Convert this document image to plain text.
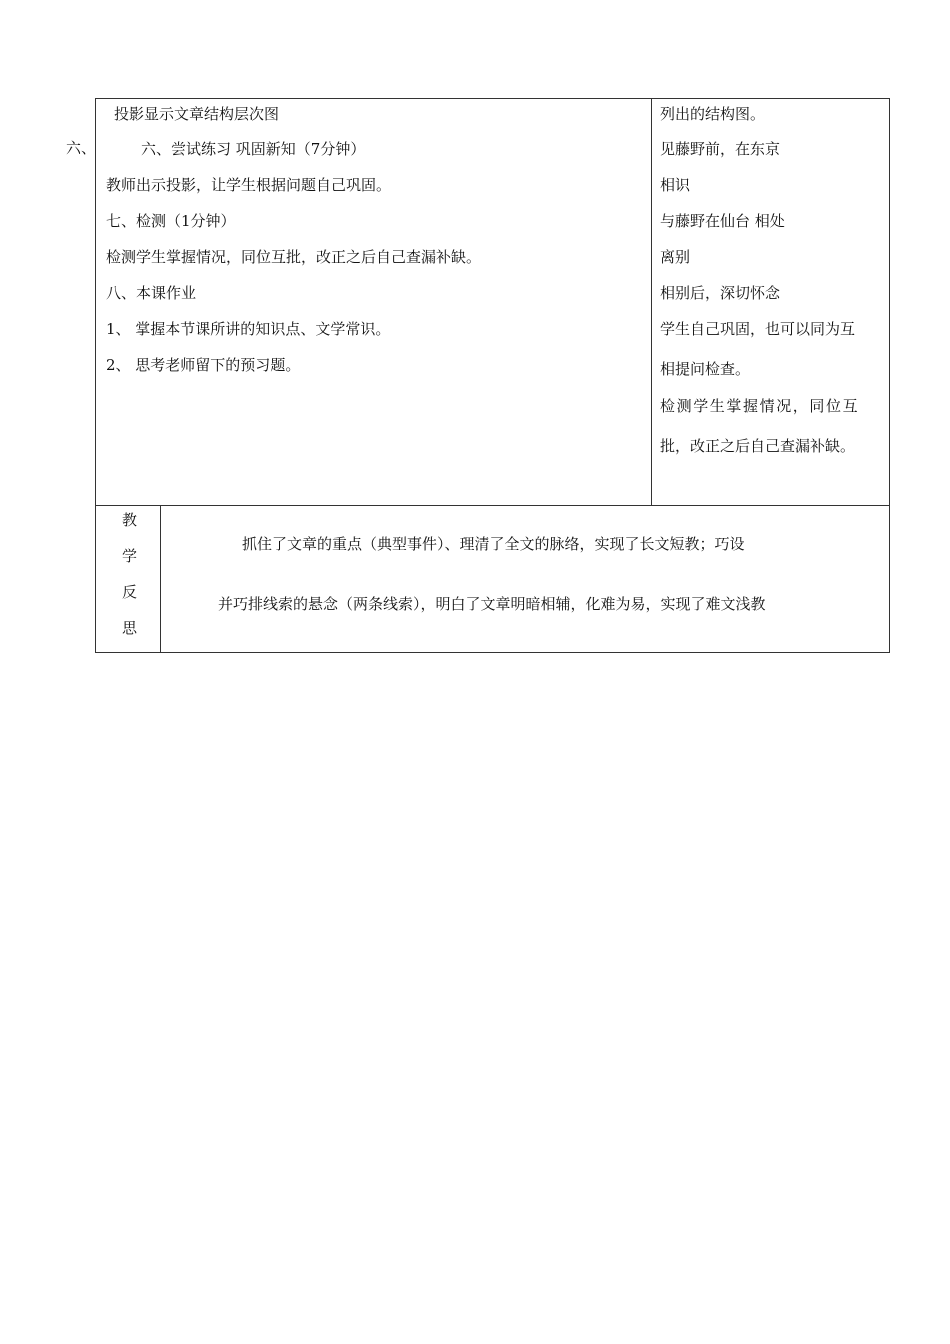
六、
投影显示文章结构层次图
六、尝试练习 巩固新知（7分钟）
教师出示投影，让学生根据问题自己巩固。
七、检测（1分钟）
检测学生掌握情况，同位互批，改正之后自己查漏补缺。
八、本课作业
1、 掌握本节课所讲的知识点、文学常识。
2、 思考老师留下的预习题。
列出的结构图。
见藤野前，在东京
相识
与藤野在仙台 相处
离别
相别后，深切怀念
学生自己巩固，也可以同为互
相提问检查。
检测学生掌握情况，同位互
批，改正之后自己查漏补缺。
教
学
反
思
抓住了文章的重点（典型事件）、理清了全文的脉络，实现了长文短教；巧设
并巧排线索的悬念（两条线索），明白了文章明暗相辅，化难为易，实现了难文浅教
